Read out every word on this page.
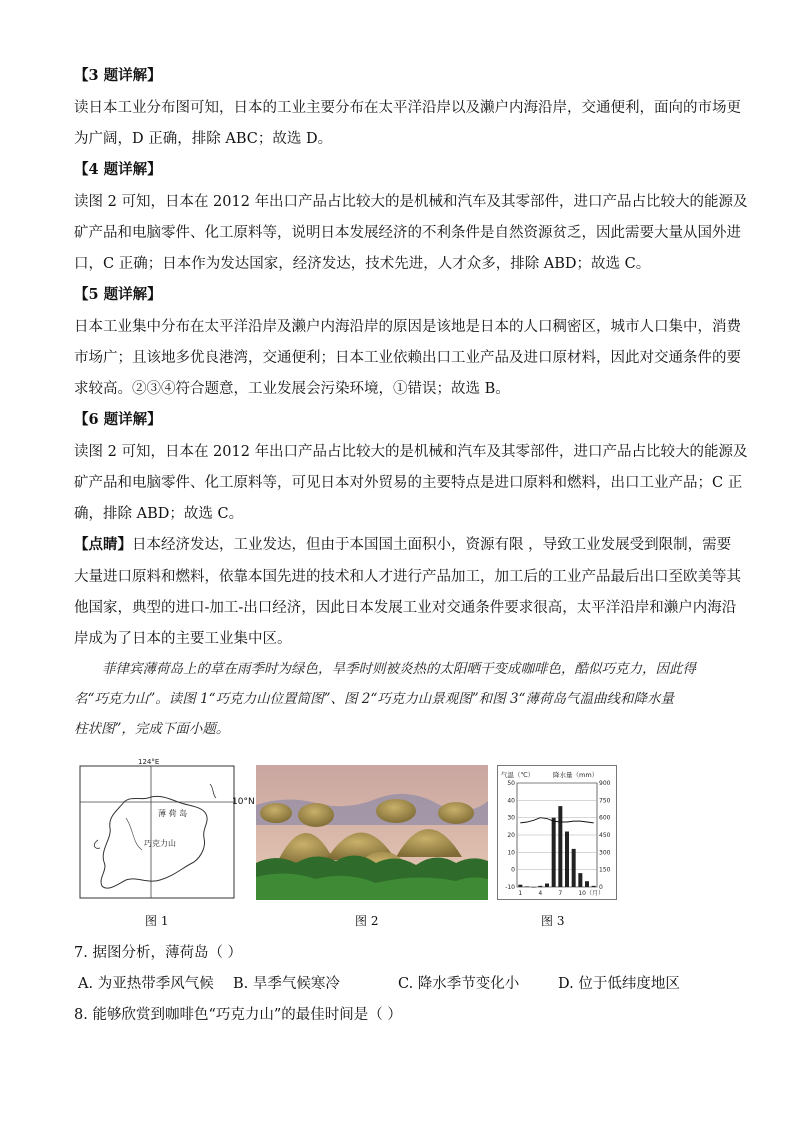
【3 题详解】
读日本工业分布图可知，日本的工业主要分布在太平洋沿岸以及濑户内海沿岸，交通便利，面向的市场更
为广阔，D 正确，排除 ABC；故选 D。
【4 题详解】
读图 2 可知，日本在 2012 年出口产品占比较大的是机械和汽车及其零部件，进口产品占比较大的能源及
矿产品和电脑零件、化工原料等，说明日本发展经济的不利条件是自然资源贫乏，因此需要大量从国外进
口，C 正确；日本作为发达国家，经济发达，技术先进，人才众多，排除 ABD；故选 C。
【5 题详解】
日本工业集中分布在太平洋沿岸及濑户内海沿岸的原因是该地是日本的人口稠密区，城市人口集中，消费
市场广；且该地多优良港湾，交通便利；日本工业依赖出口工业产品及进口原材料，因此对交通条件的要
求较高。②③④符合题意，工业发展会污染环境，①错误；故选 B。
【6 题详解】
读图 2 可知，日本在 2012 年出口产品占比较大的是机械和汽车及其零部件，进口产品占比较大的能源及
矿产品和电脑零件、化工原料等，可见日本对外贸易的主要特点是进口原料和燃料，出口工业产品；C 正
确，排除 ABD；故选 C。
【点睛】日本经济发达，工业发达，但由于本国国土面积小，资源有限 ，导致工业发展受到限制，需要
大量进口原料和燃料，依靠本国先进的技术和人才进行产品加工，加工后的工业产品最后出口至欧美等其
他国家，典型的进口-加工-出口经济，因此日本发展工业对交通条件要求很高，太平洋沿岸和濑户内海沿
岸成为了日本的主要工业集中区。
菲律宾薄荷岛上的草在雨季时为绿色，旱季时则被炎热的太阳晒干变成咖啡色，酷似巧克力，因此得
名“巧克力山”。读图 1“巧克力山位置简图”、图 2“巧克力山景观图”和图 3“薄荷岛气温曲线和降水量
柱状图”，完成下面小题。
124°E
薄 荷 岛
巧克力山
10°N
图 1	图 2
气温（℃）	降水量（mm）
50
40
30
20
10
0
-10
900
750
600
450
300
150
0
1	4	7	10（月）
图 3
7. 据图分析，薄荷岛（ ）
A. 为亚热带季风气候 B. 旱季气候寒冷	C. 降水季节变化小	D. 位于低纬度地区
8. 能够欣赏到咖啡色“巧克力山”的最佳时间是（ ）
